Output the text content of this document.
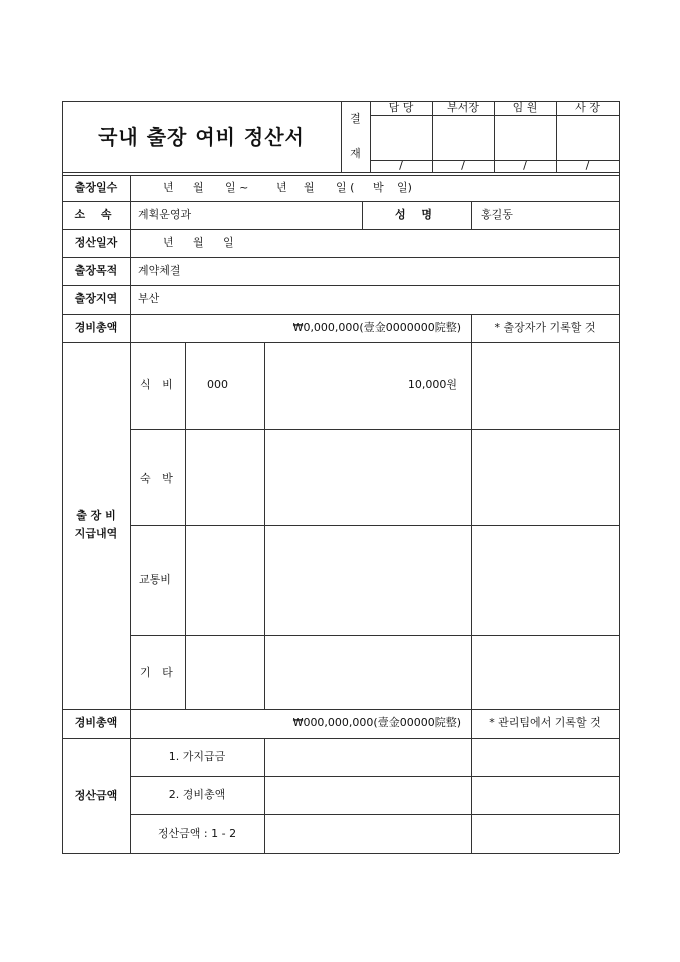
국내 출장 여비 정산서
결
재
담 당	부서장	임 원	사 장
/	/	/	/
출장일수	년 월 일 ~	년 월 일 ( 박 일)
소 속	계획운영과	성 명	홍길동
정산일자	년 월 일
출장목적	계약체결
출장지역	부산
경비총액	₩0,000,000(壹金0000000院整)	* 출장자가 기록할 것
출 장 비
지급내역
식 비	000	10,000원
숙 박
교통비
기 타
경비총액	₩000,000,000(壹金00000院整)	* 관리팀에서 기록할 것
정산금액
1. 가지급금
2. 경비총액
정산금액 : 1 - 2
